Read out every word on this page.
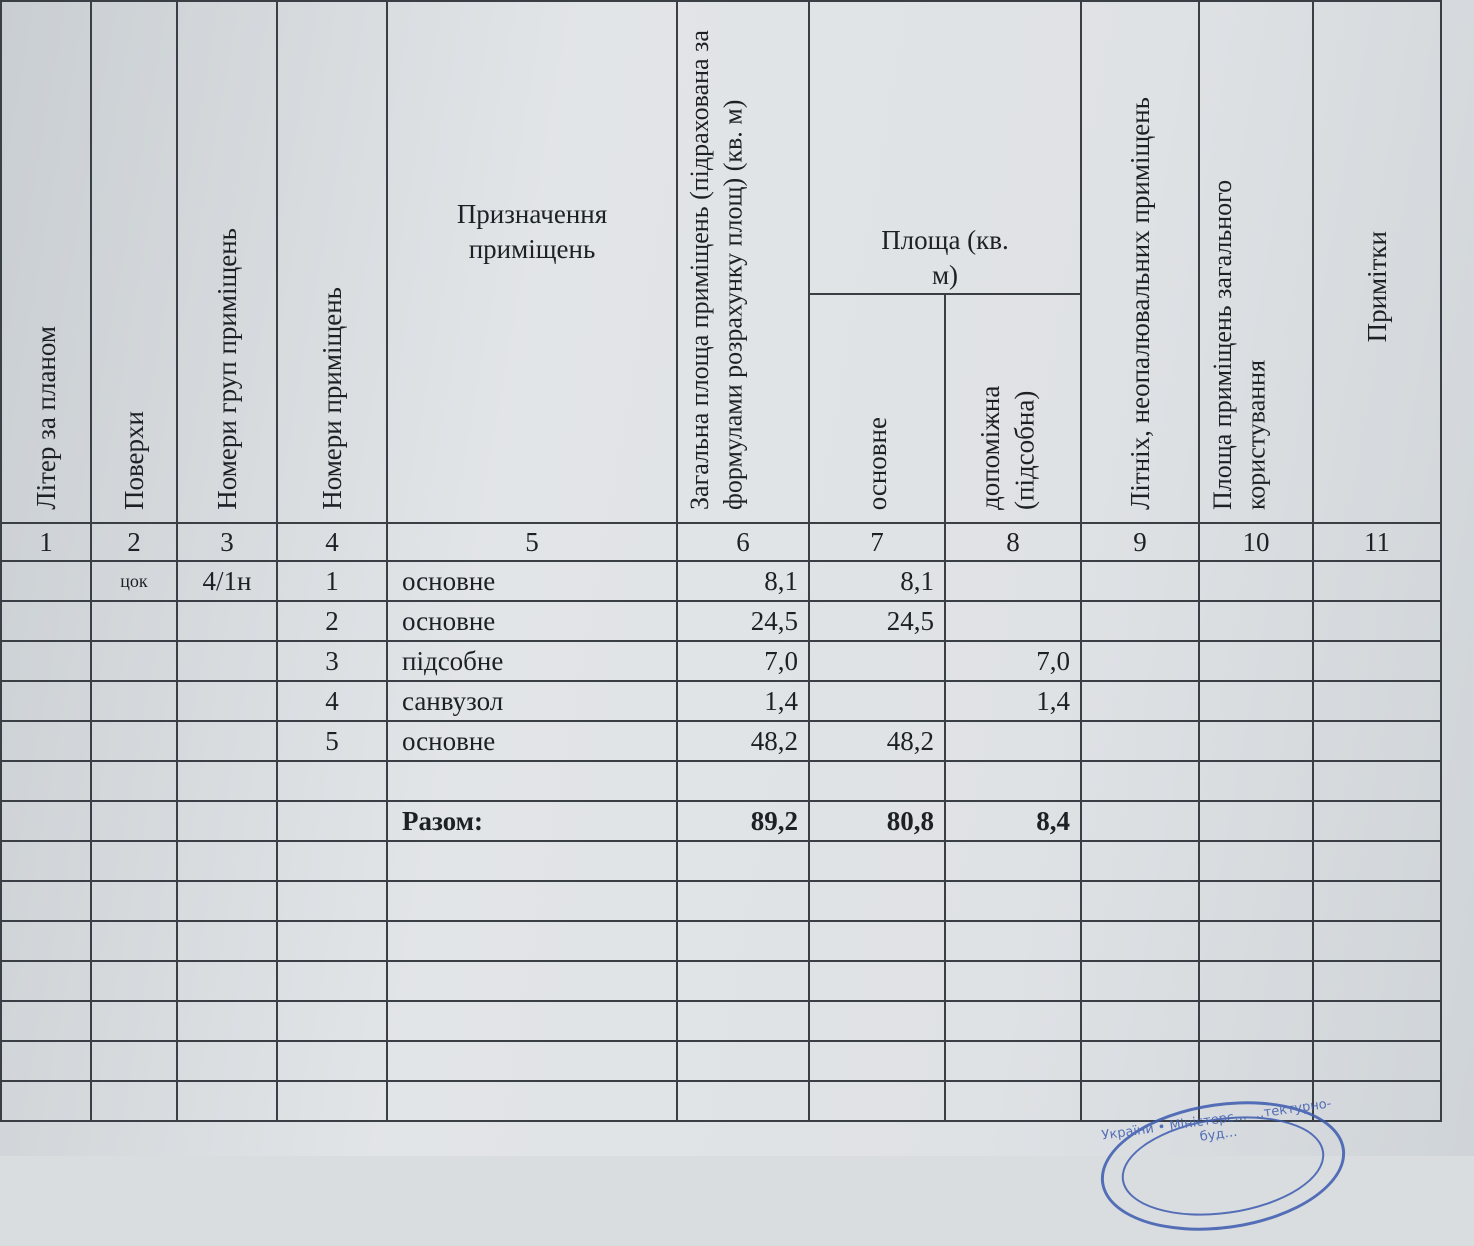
Літер за планом	Поверхи	Номери груп приміщень	Номери приміщень	Призначення приміщень	Загальна площа приміщень (підрахована за формулами розрахунку площ) (кв. м)	Площа (кв. м)		Літніх, неопалювальних приміщень	Площа приміщень загального користування	Примітки

						основне	допоміжна (підсобна)			

1	2	3	4	5	6	7	8	9	10	11
	цок	4/1н	1	основне	8,1	8,1				
			2	основне	24,5	24,5				
			3	підсобне	7,0		7,0			
			4	санвузол	1,4		1,4			
			5	основне	48,2	48,2				

				Разом:	89,2	80,8	8,4			

України • Міністерс… …тектурно-буд…
